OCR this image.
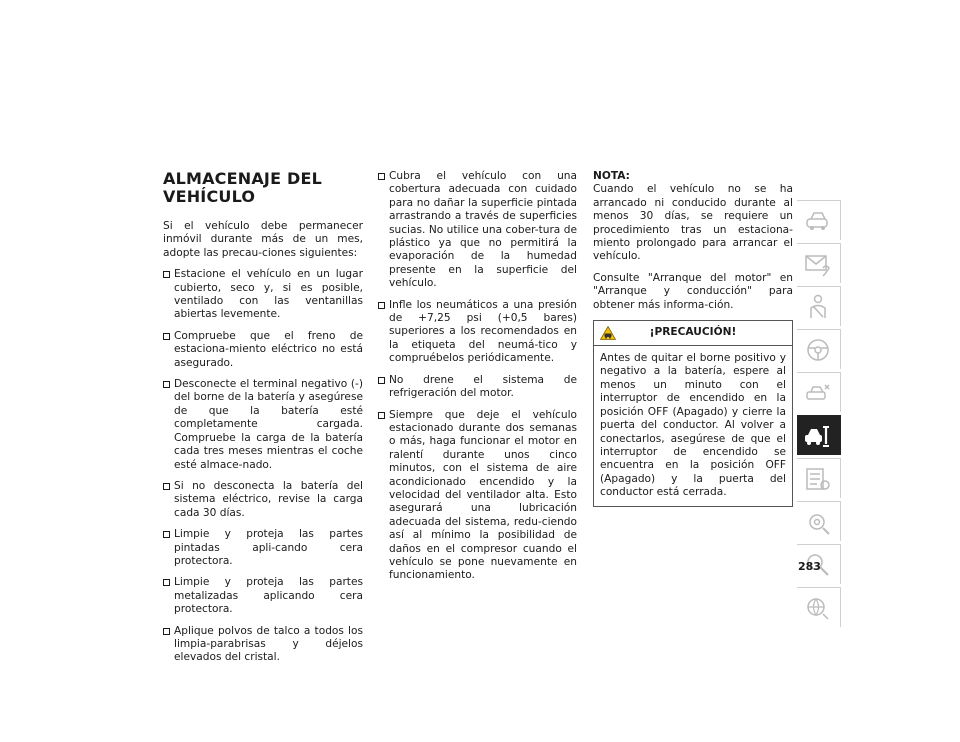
ALMACENAJE DEL
VEHÍCULO

Si el vehículo debe permanecer inmóvil durante más de un mes, adopte las precau-ciones siguientes:

Estacione el vehículo en un lugar cubierto, seco y, si es posible, ventilado con las ventanillas abiertas levemente.
Compruebe que el freno de estaciona-miento eléctrico no está asegurado.
Desconecte el terminal negativo (-) del borne de la batería y asegúrese de que la batería esté completamente cargada. Compruebe la carga de la batería cada tres meses mientras el coche esté almace-nado.
Si no desconecta la batería del sistema eléctrico, revise la carga cada 30 días.
Limpie y proteja las partes pintadas apli-cando cera protectora.
Limpie y proteja las partes metalizadas aplicando cera protectora.
Aplique polvos de talco a todos los limpia-parabrisas y déjelos elevados del cristal.
Cubra el vehículo con una cobertura adecuada con cuidado para no dañar la superficie pintada arrastrando a través de superficies sucias. No utilice una cober-tura de plástico ya que no permitirá la evaporación de la humedad presente en la superficie del vehículo.
Infle los neumáticos a una presión de +7,25 psi (+0,5 bares) superiores a los recomendados en la etiqueta del neumá-tico y compruébelos periódicamente.
No drene el sistema de refrigeración del motor.
Siempre que deje el vehículo estacionado durante dos semanas o más, haga funcionar el motor en ralentí durante unos cinco minutos, con el sistema de aire acondicionado encendido y la velocidad del ventilador alta. Esto asegurará una lubricación adecuada del sistema, redu-ciendo así al mínimo la posibilidad de daños en el compresor cuando el vehículo se pone nuevamente en funcionamiento.

NOTA:

Cuando el vehículo no se ha arrancado ni conducido durante al menos 30 días, se requiere un procedimiento tras un estaciona-miento prolongado para arrancar el vehículo.

Consulte "Arranque del motor" en "Arranque y conducción" para obtener más informa-ción.

¡PRECAUCIÓN!
Antes de quitar el borne positivo y negativo a la batería, espere al menos un minuto con el interruptor de encendido en la posición OFF (Apagado) y cierre la puerta del conductor. Al volver a conectarlos, asegúrese de que el interruptor de encendido se encuentra en la posición OFF (Apagado) y la puerta del conductor está cerrada.
283
